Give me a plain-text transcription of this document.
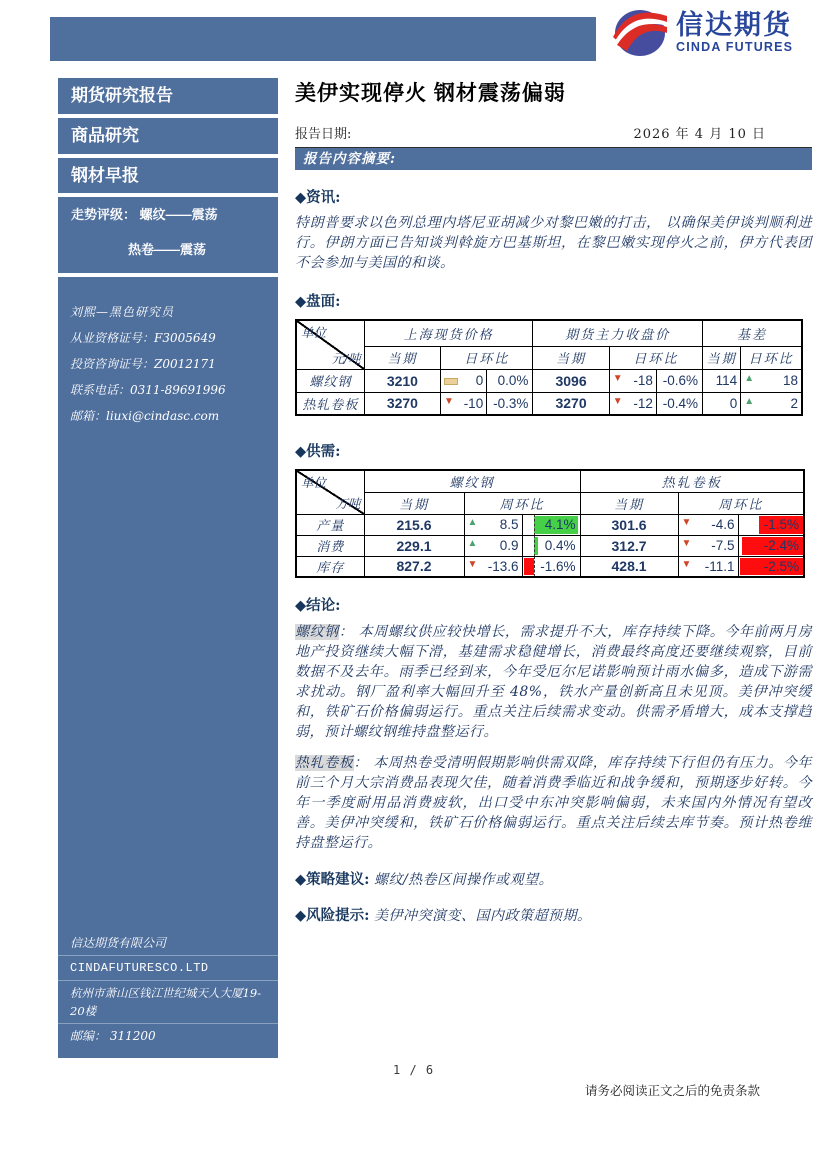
信达期货
CINDA FUTURES
期货研究报告
商品研究
钢材早报
走势评级： 螺纹——震荡
热卷——震荡
刘熙—黑色研究员
从业资格证号：F3005649
投资咨询证号：Z0012171
联系电话：0311-89691996
邮箱：liuxi@cindasc.com
信达期货有限公司
CINDAFUTURESCO.LTD
杭州市萧山区钱江世纪城天人大厦19-20楼
邮编： 311200
美伊实现停火 钢材震荡偏弱
报告日期:	2026 年 4 月 10 日
报告内容摘要:
◆资讯:
特朗普要求以色列总理内塔尼亚胡减少对黎巴嫩的打击， 以确保美伊谈判顺利进行。伊朗方面已告知谈判斡旋方巴基斯坦，在黎巴嫩实现停火之前，伊方代表团不会参加与美国的和谈。
◆盘面:
单位
元/吨	上海现货价格			期货主力收盘价			基差	
	当期	日环比		当期	日环比		当期	日环比
螺纹钢	3210	0	0.0%	3096	▼ -18	-0.6%	114	▲ 18

热轧卷板	3270	▼ -10	-0.3%	3270	▼ -12	-0.4%	0	▲ 2
◆供需:
单位
万吨	螺纹钢			热轧卷板		
	当期	周环比		当期	周环比	
产量	215.6	▲ 8.5	4.1%	301.6	▼ -4.6	-1.5%
消费	229.1	▲ 0.9	0.4%	312.7	▼ -7.5	-2.4%
库存	827.2	▼ -13.6	-1.6%	428.1	▼ -11.1	-2.5%
◆结论:
螺纹钢： 本周螺纹供应较快增长，需求提升不大，库存持续下降。今年前两月房地产投资继续大幅下滑，基建需求稳健增长，消费最终高度还要继续观察，目前数据不及去年。雨季已经到来，今年受厄尔尼诺影响预计雨水偏多，造成下游需求扰动。钢厂盈利率大幅回升至 48%，铁水产量创新高且未见顶。美伊冲突缓和，铁矿石价格偏弱运行。重点关注后续需求变动。供需矛盾增大，成本支撑趋弱，预计螺纹钢维持盘整运行。
热轧卷板： 本周热卷受清明假期影响供需双降，库存持续下行但仍有压力。今年前三个月大宗消费品表现欠佳，随着消费季临近和战争缓和，预期逐步好转。今年一季度耐用品消费疲软，出口受中东冲突影响偏弱，未来国内外情况有望改善。美伊冲突缓和，铁矿石价格偏弱运行。重点关注后续去库节奏。预计热卷维持盘整运行。
◆策略建议: 螺纹/热卷区间操作或观望。
◆风险提示: 美伊冲突演变、国内政策超预期。
1 / 6
请务必阅读正文之后的免责条款
